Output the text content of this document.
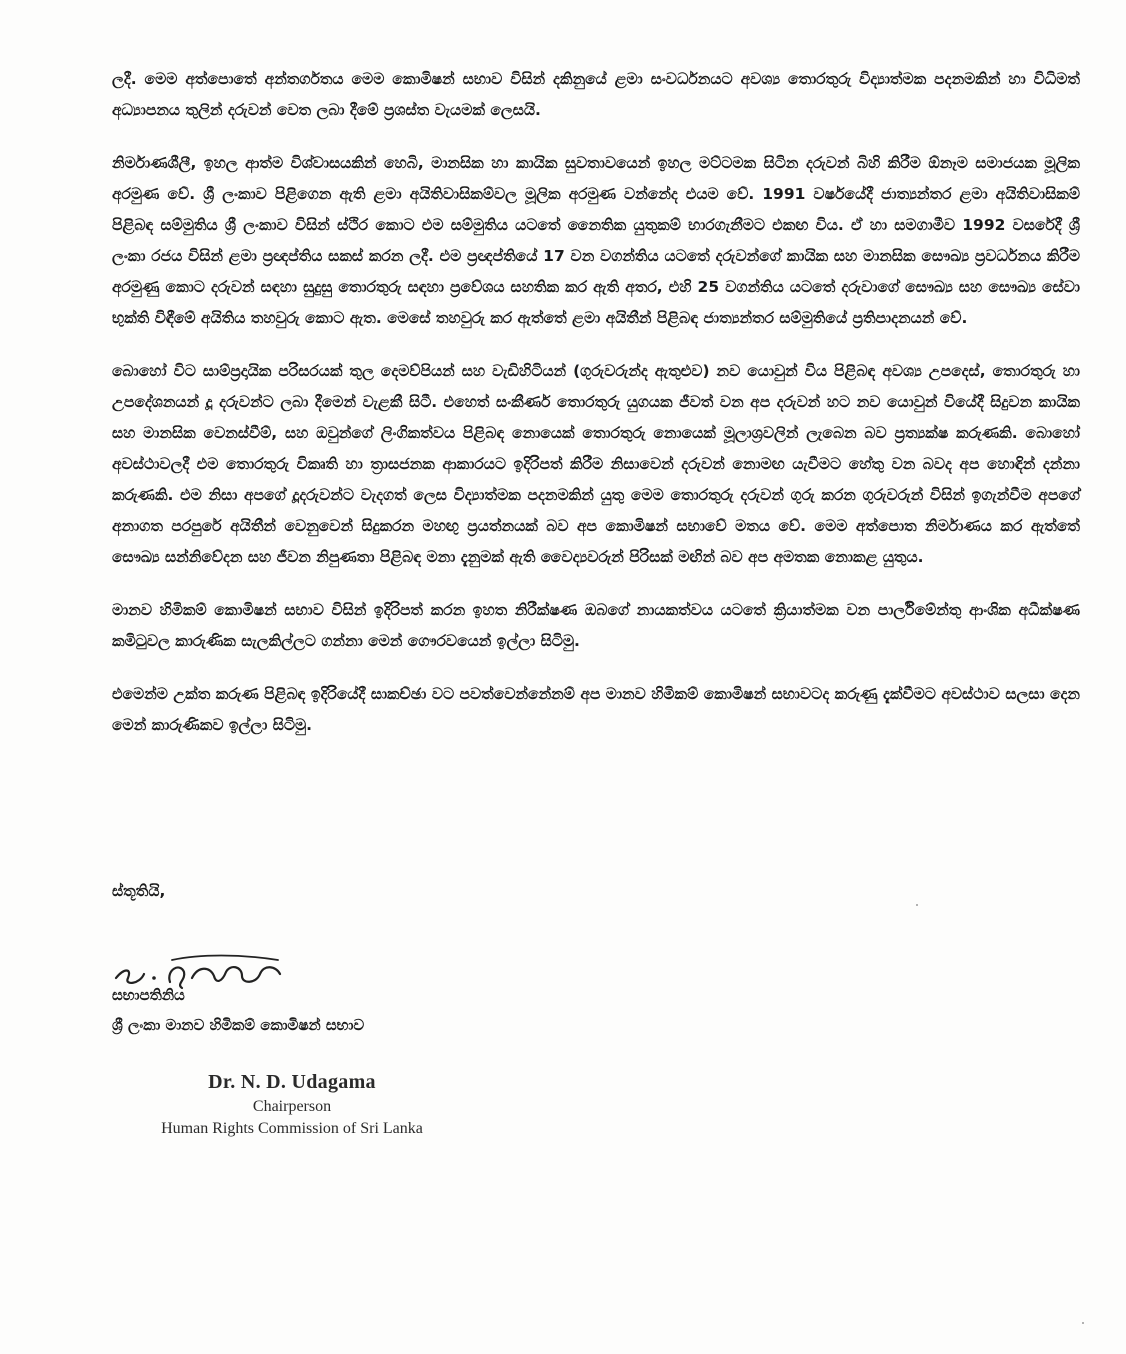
ලදී. මෙම අත්පොතේ අන්තර්ගතය මෙම කොමිෂන් සභාව විසින් දකිනුයේ ළමා සංවර්ධනයට අවශ්‍ය තොරතුරු විද්‍යාත්මක පදනමකින් හා විධිමත් අධ්‍යාපනය තුලින් දරුවන් වෙත ලබා දීමේ ප්‍රශස්ත වැයමක් ලෙසයි.

නිර්මාණශීලී, ඉහල ආත්ම විශ්වාසයකින් හෙබි, මානසික හා කායික සුවතාවයෙන් ඉහල මට්ටමක සිටින දරුවන් බිහි කිරීම ඕනෑම සමාජයක මූලික අරමුණ වේ. ශ්‍රී ලංකාව පිළිගෙන ඇති ළමා අයිතිවාසිකම්වල මූලික අරමුණ වන්නේද එයම වේ. 1991 වර්ෂයේදී ජාත්‍යන්තර ළමා අයිතිවාසිකම් පිළිබඳ සම්මුතිය ශ්‍රී ලංකාව විසින් ස්ථිර කොට එම සම්මුතිය යටතේ නෛතික යුතුකම් භාරගැනීමට එකඟ විය. ඒ හා සමගාමීව 1992 වසරේදී ශ්‍රී ලංකා රජය විසින් ළමා ප්‍රඥප්තිය සකස් කරන ලදී. එම ප්‍රඥප්තියේ 17 වන වගන්තිය යටතේ දරුවන්ගේ කායික සහ මානසික සෞඛ්‍ය ප්‍රවර්ධනය කිරීම අරමුණු කොට දරුවන් සඳහා සුදුසු තොරතුරු සඳහා ප්‍රවේශය සහතික කර ඇති අතර, එහි 25 වගන්තිය යටතේ දරුවාගේ සෞඛ්‍ය සහ සෞඛ්‍ය සේවා භුක්ති විඳීමේ අයිතිය තහවුරු කොට ඇත. මෙසේ තහවුරු කර ඇත්තේ ළමා අයිතීන් පිළිබඳ ජාත්‍යන්තර සම්මුතියේ ප්‍රතිපාදනයන් වේ.

බොහෝ විට සාම්ප්‍රදායික පරිසරයක් තුල දෙමව්පියන් සහ වැඩිහිටියන් (ගුරුවරුන්ද ඇතුළුව) නව යොවුන් විය පිළිබඳ අවශ්‍ය උපදෙස්, තොරතුරු හා උපදේශනයන් දූ දරුවන්ට ලබා දීමෙන් වැළකී සිටී. එහෙත් සංකීර්ණ තොරතුරු යුගයක ජීවත් වන අප දරුවන් හට නව යොවුන් වියේදී සිදුවන කායික සහ මානසික වෙනස්වීම්, සහ ඔවුන්ගේ ලිංගිකත්වය පිළිබඳ නොයෙක් තොරතුරු නොයෙක් මූලාශ්‍රවලින් ලැබෙන බව ප්‍රත්‍යක්ෂ කරුණකි. බොහෝ අවස්ථාවලදී එම තොරතුරු විකෘති හා ත්‍රාසජනක ආකාරයට ඉදිරිපත් කිරීම නිසාවෙන් දරුවන් නොමඟ යැවීමට හේතු වන බවද අප හොඳින් දන්නා කරුණකි. එම නිසා අපගේ දූදරුවන්ට වැදගත් ලෙස විද්‍යාත්මක පදනමකින් යුතු මෙම තොරතුරු දරුවන් ගුරු කරන ගුරුවරුන් විසින් ඉගැන්වීම අපගේ අනාගත පරපුරේ අයිතීන් වෙනුවෙන් සිදුකරන මහඟු ප්‍රයත්නයක් බව අප කොමිෂන් සභාවේ මතය වේ. මෙම අත්පොත නිර්මාණය කර ඇත්තේ සෞඛ්‍ය සන්නිවේදන සහ ජීවන නිපුණතා පිළිබඳ මනා දැනුමක් ඇති වෛද්‍යවරුන් පිරිසක් මඟින් බව අප අමතක නොකළ යුතුය.

මානව හිමිකම් කොමිෂන් සභාව විසින් ඉදිරිපත් කරන ඉහත නිරීක්ෂණ ඔබගේ නායකත්වය යටතේ ක්‍රියාත්මක වන පාර්ලිමේන්තු ආංශික අධීක්ෂණ කමිටුවල කාරුණික සැලකිල්ලට ගන්නා මෙන් ගෞරවයෙන් ඉල්ලා සිටිමු.

එමෙන්ම උක්ත කරුණ පිළිබඳ ඉදිරියේදී සාකච්ඡා වට පවත්වෙන්නේනම් අප මානව හිමිකම් කොමිෂන් සභාවටද කරුණු දැක්වීමට අවස්ථාව සලසා දෙන මෙන් කාරුණිකව ඉල්ලා සිටිමු.

ස්තූතියි,
සභාපතිනිය
ශ්‍රී ලංකා මානව හිමිකම් කොමිෂන් සභාව
Dr. N. D. Udagama
Chairperson
Human Rights Commission of Sri Lanka
